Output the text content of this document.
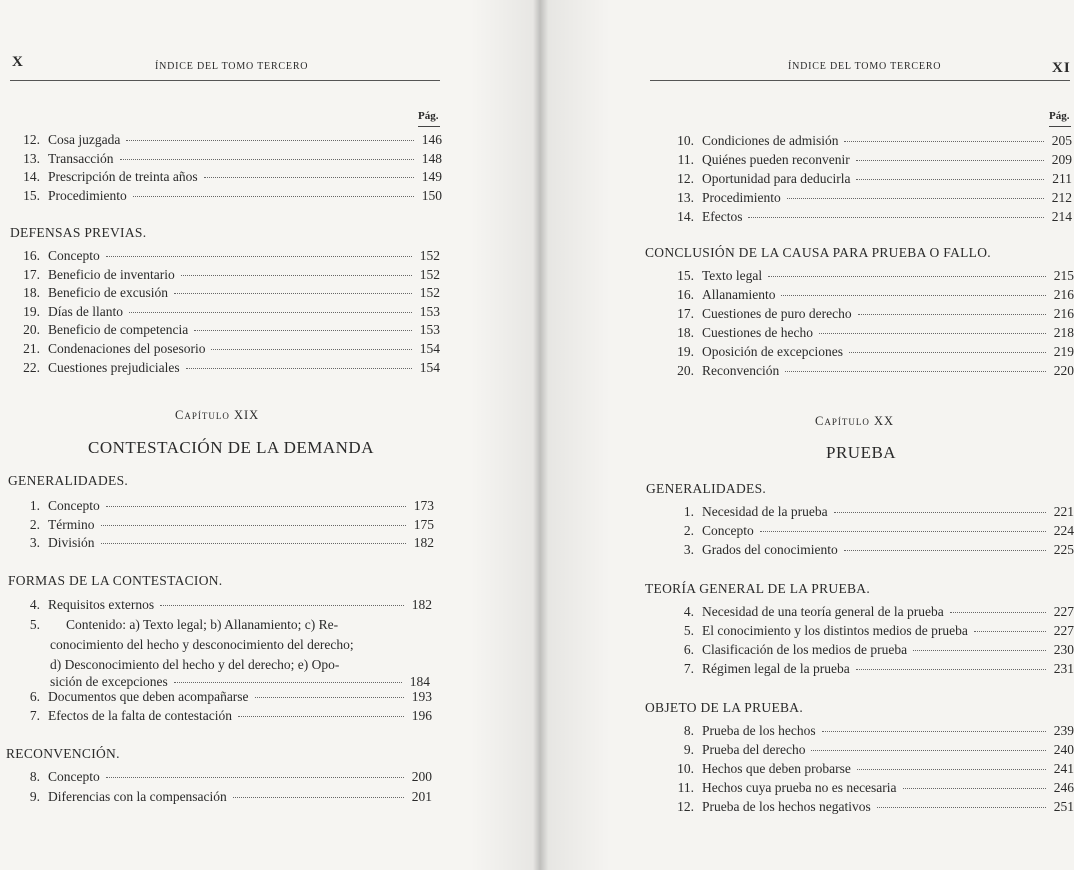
X	ÍNDICE DEL TOMO TERCERO
Pág.
12. Cosa juzgada	146
13. Transacción	148
14. Prescripción de treinta años	149
15. Procedimiento	150
DEFENSAS PREVIAS.
16. Concepto	152
17. Beneficio de inventario	152
18. Beneficio de excusión	152
19. Días de llanto	153
20. Beneficio de competencia	153
21. Condenaciones del posesorio	154
22. Cuestiones prejudiciales	154
Capítulo XIX
CONTESTACIÓN DE LA DEMANDA
GENERALIDADES.
1. Concepto	173
2. Término	175
3. División	182
FORMAS DE LA CONTESTACION.
4. Requisitos externos	182
5. Contenido: a) Texto legal; b) Allanamiento; c) Re-
conocimiento del hecho y desconocimiento del derecho;
d) Desconocimiento del hecho y del derecho; e) Opo-
sición de excepciones	184
6. Documentos que deben acompañarse	193
7. Efectos de la falta de contestación	196
RECONVENCIÓN.
8. Concepto	200
9. Diferencias con la compensación	201
ÍNDICE DEL TOMO TERCERO	XI
Pág.
10. Condiciones de admisión	205
11. Quiénes pueden reconvenir	209
12. Oportunidad para deducirla	211
13. Procedimiento	212
14. Efectos	214
CONCLUSIÓN DE LA CAUSA PARA PRUEBA O FALLO.
15. Texto legal	215
16. Allanamiento	216
17. Cuestiones de puro derecho	216
18. Cuestiones de hecho	218
19. Oposición de excepciones	219
20. Reconvención	220
Capítulo XX
PRUEBA
GENERALIDADES.
1. Necesidad de la prueba	221
2. Concepto	224
3. Grados del conocimiento	225
TEORÍA GENERAL DE LA PRUEBA.
4. Necesidad de una teoría general de la prueba	227
5. El conocimiento y los distintos medios de prueba	227
6. Clasificación de los medios de prueba	230
7. Régimen legal de la prueba	231
OBJETO DE LA PRUEBA.
8. Prueba de los hechos	239
9. Prueba del derecho	240
10. Hechos que deben probarse	241
11. Hechos cuya prueba no es necesaria	246
12. Prueba de los hechos negativos	251
